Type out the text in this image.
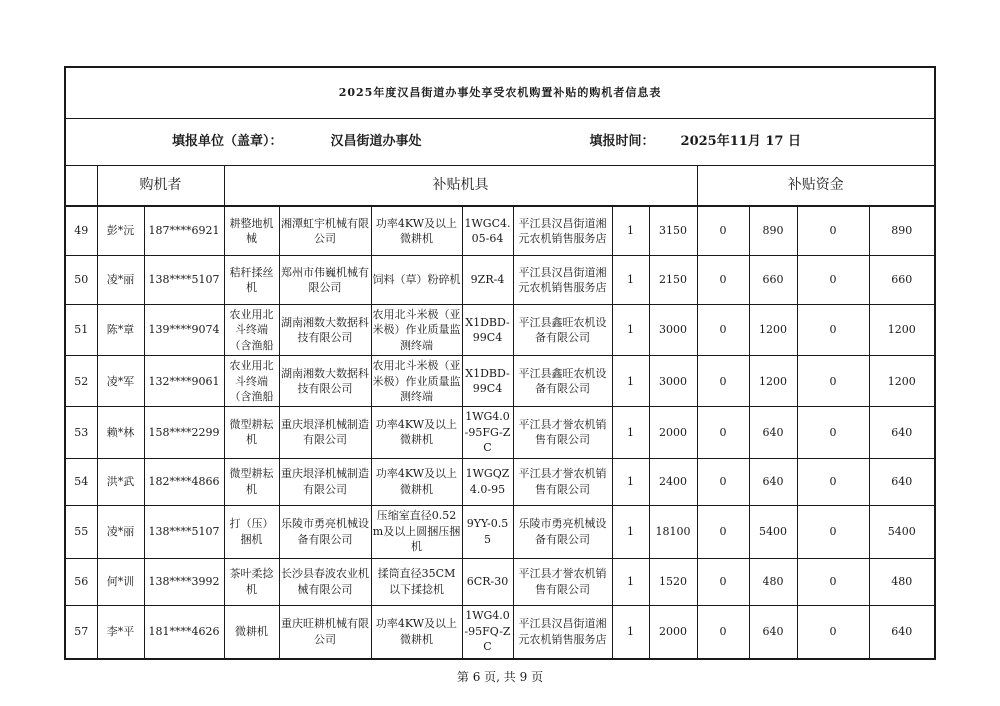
2025年度汉昌街道办事处享受农机购置补贴的购机者信息表													

填报单位（盖章）： 汉昌街道办事处 填报时间： 2025年11月 17 日													

	购机者		补贴机具							补贴资金			
49	彭*沅	187****6921	耕整地机械	湘潭虹宇机械有限公司	功率4KW及以上微耕机	1WGC4.05-64	平江县汉昌街道湘元农机销售服务店	1	3150	0	890	0	890
50	凌*丽	138****5107	秸秆揉丝机	郑州市伟巍机械有限公司	饲料（草）粉碎机	9ZR-4	平江县汉昌街道湘元农机销售服务店	1	2150	0	660	0	660
51	陈*章	139****9074	农业用北斗终端（含渔船	湖南湘数大数据科技有限公司	农用北斗米极（亚米极）作业质量监测终端	X1DBD-99C4	平江县鑫旺农机设备有限公司	1	3000	0	1200	0	1200
52	凌*军	132****9061	农业用北斗终端（含渔船	湖南湘数大数据科技有限公司	农用北斗米极（亚米极）作业质量监测终端	X1DBD-99C4	平江县鑫旺农机设备有限公司	1	3000	0	1200	0	1200
53	赖*林	158****2299	微型耕耘机	重庆垠泽机械制造有限公司	功率4KW及以上微耕机	1WG4.0-95FG-ZC	平江县才誉农机销售有限公司	1	2000	0	640	0	640
54	洪*武	182****4866	微型耕耘机	重庆垠泽机械制造有限公司	功率4KW及以上微耕机	1WGQZ4.0-95	平江县才誉农机销售有限公司	1	2400	0	640	0	640
55	凌*丽	138****5107	打（压）捆机	乐陵市勇亮机械设备有限公司	压缩室直径0.52m及以上圆捆压捆机	9YY-0.55	乐陵市勇亮机械设备有限公司	1	18100	0	5400	0	5400
56	何*训	138****3992	茶叶柔捻机	长沙县春波农业机械有限公司	揉筒直径35CM以下揉捻机	6CR-30	平江县才誉农机销售有限公司	1	1520	0	480	0	480
57	李*平	181****4626	微耕机	重庆旺耕机械有限公司	功率4KW及以上微耕机	1WG4.0-95FQ-ZC	平江县汉昌街道湘元农机销售服务店	1	2000	0	640	0	640
第 6 页, 共 9 页
